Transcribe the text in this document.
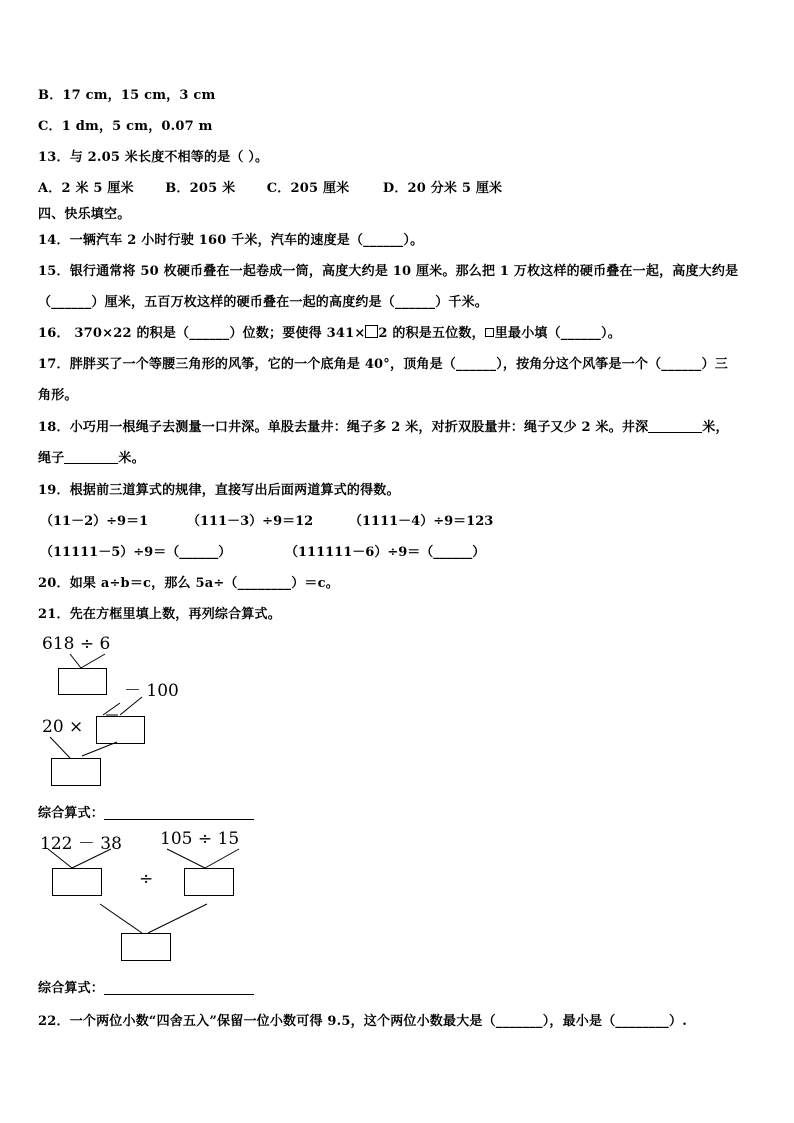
B．17 cm，15 cm，3 cm
C．1 dm，5 cm，0.07 m
13．与 2.05 米长度不相等的是（ ）。
A．2 米 5 厘米 B．205 米 C．205 厘米	D．20 分米 5 厘米
四、快乐填空。
14．一辆汽车 2 小时行驶 160 千米，汽车的速度是（______）。
15．银行通常将 50 枚硬币叠在一起卷成一筒，高度大约是 10 厘米。那么把 1 万枚这样的硬币叠在一起，高度大约是
（______）厘米，五百万枚这样的硬币叠在一起的高度约是（______）千米。
16． 370×22 的积是（______）位数；要使得 341× 2 的积是五位数， 里最小填（______）。
17．胖胖买了一个等腰三角形的风筝，它的一个底角是 40°，顶角是（______），按角分这个风筝是一个（______）三
角形。
18．小巧用一根绳子去测量一口井深。单股去量井：绳子多 2 米，对折双股量井：绳子又少 2 米。井深	米，
绳子	米。
19．根据前三道算式的规律，直接写出后面两道算式的得数。
（11－2）÷9＝1	（111－3）÷9＝12	（1111－4）÷9＝123
（11111－5）÷9＝（______）	（111111－6）÷9＝（______）
20．如果 a÷b＝c，那么 5a÷（________）＝c。
21．先在方框里填上数，再列综合算式。
618 ÷ 6
－ 100
20 ×
综合算式：
122 － 38 105 ÷ 15
÷
综合算式：
22．一个两位小数“四舍五入”保留一位小数可得 9.5，这个两位小数最大是（_______），最小是（________）.
